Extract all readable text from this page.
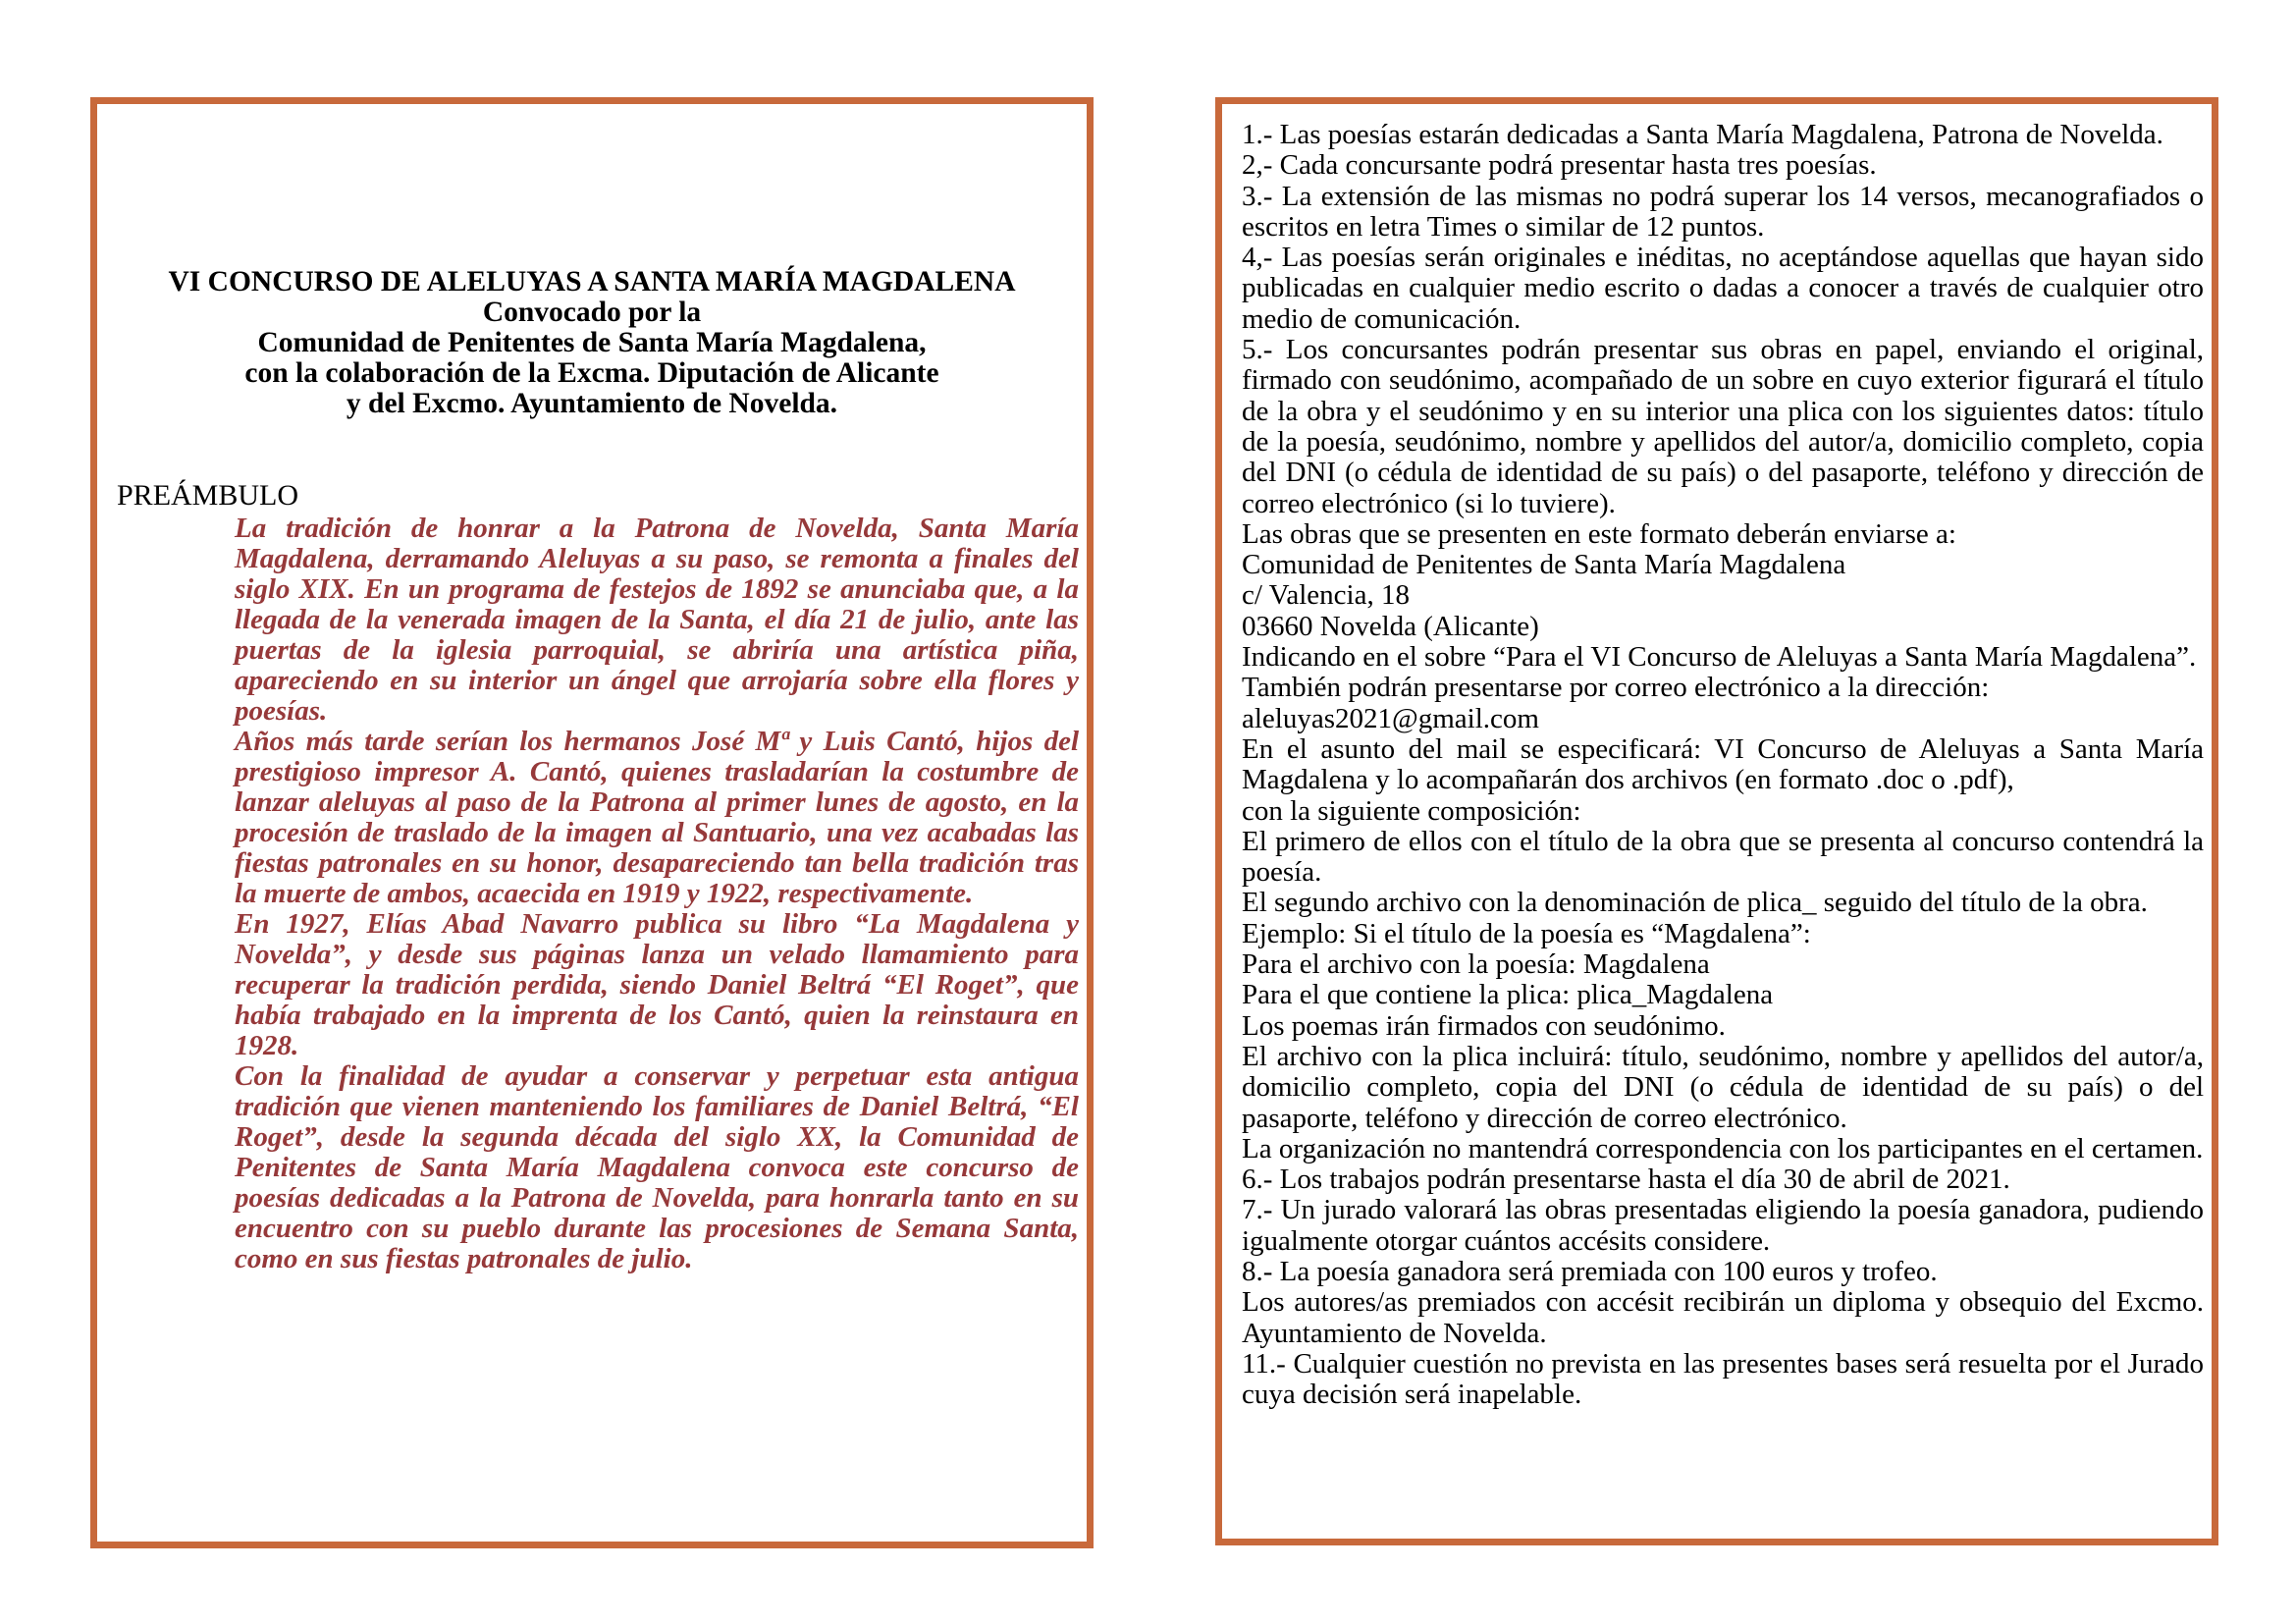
VI CONCURSO DE ALELUYAS A SANTA MARÍA MAGDALENA
Convocado por la
Comunidad de Penitentes de Santa María Magdalena,
con la colaboración de la Excma. Diputación de Alicante
y del Excmo. Ayuntamiento de Novelda.
PREÁMBULO

La tradición de honrar a la Patrona de Novelda, Santa María Magdalena, derramando Aleluyas a su paso, se remonta a finales del siglo XIX. En un programa de festejos de 1892 se anunciaba que, a la llegada de la venerada imagen de la Santa, el día 21 de julio, ante las puertas de la iglesia parroquial, se abriría una artística piña, apareciendo en su interior un ángel que arrojaría sobre ella flores y poesías.

Años más tarde serían los hermanos José Mª y Luis Cantó, hijos del prestigioso impresor A. Cantó, quienes trasladarían la costumbre de lanzar aleluyas al paso de la Patrona al primer lunes de agosto, en la procesión de traslado de la imagen al Santuario, una vez acabadas las fiestas patronales en su honor, desapareciendo tan bella tradición tras la muerte de ambos, acaecida en 1919 y 1922, respectivamente.

En 1927, Elías Abad Navarro publica su libro “La Magdalena y Novelda”, y desde sus páginas lanza un velado llamamiento para recuperar la tradición perdida, siendo Daniel Beltrá “El Roget”, que había trabajado en la imprenta de los Cantó, quien la reinstaura en 1928.

Con la finalidad de ayudar a conservar y perpetuar esta antigua tradición que vienen manteniendo los familiares de Daniel Beltrá, “El Roget”, desde la segunda década del siglo XX, la Comunidad de Penitentes de Santa María Magdalena convoca este concurso de poesías dedicadas a la Patrona de Novelda, para honrarla tanto en su encuentro con su pueblo durante las procesiones de Semana Santa, como en sus fiestas patronales de julio.

1.- Las poesías estarán dedicadas a Santa María Magdalena, Patrona de Novelda.

2,- Cada concursante podrá presentar hasta tres poesías.

3.- La extensión de las mismas no podrá superar los 14 versos, mecanografiados o escritos en letra Times o similar de 12 puntos.

4,- Las poesías serán originales e inéditas, no aceptándose aquellas que hayan sido publicadas en cualquier medio escrito o dadas a conocer a través de cualquier otro medio de comunicación.

5.- Los concursantes podrán presentar sus obras en papel, enviando el original, firmado con seudónimo, acompañado de un sobre en cuyo exterior figurará el título de la obra y el seudónimo y en su interior una plica con los siguientes datos: título de la poesía, seudónimo, nombre y apellidos del autor/a, domicilio completo, copia del DNI (o cédula de identidad de su país) o del pasaporte, teléfono y dirección de correo electrónico (si lo tuviere).

Las obras que se presenten en este formato deberán enviarse a:

Comunidad de Penitentes de Santa María Magdalena

c/ Valencia, 18

03660 Novelda (Alicante)

Indicando en el sobre “Para el VI Concurso de Aleluyas a Santa María Magdalena”.

También podrán presentarse por correo electrónico a la dirección:

aleluyas2021@gmail.com

En el asunto del mail se especificará: VI Concurso de Aleluyas a Santa María Magdalena y lo acompañarán dos archivos (en formato .doc o .pdf),

con la siguiente composición:

El primero de ellos con el título de la obra que se presenta al concurso contendrá la poesía.

El segundo archivo con la denominación de plica_ seguido del título de la obra.

Ejemplo: Si el título de la poesía es “Magdalena”:

Para el archivo con la poesía: Magdalena

Para el que contiene la plica: plica_Magdalena

Los poemas irán firmados con seudónimo.

El archivo con la plica incluirá: título, seudónimo, nombre y apellidos del autor/a, domicilio completo, copia del DNI (o cédula de identidad de su país) o del pasaporte, teléfono y dirección de correo electrónico.

La organización no mantendrá correspondencia con los participantes en el certamen.

6.- Los trabajos podrán presentarse hasta el día 30 de abril de 2021.

7.- Un jurado valorará las obras presentadas eligiendo la poesía ganadora, pudiendo igualmente otorgar cuántos accésits considere.

8.- La poesía ganadora será premiada con 100 euros y trofeo.

Los autores/as premiados con accésit recibirán un diploma y obsequio del Excmo. Ayuntamiento de Novelda.

11.- Cualquier cuestión no prevista en las presentes bases será resuelta por el Jurado cuya decisión será inapelable.
